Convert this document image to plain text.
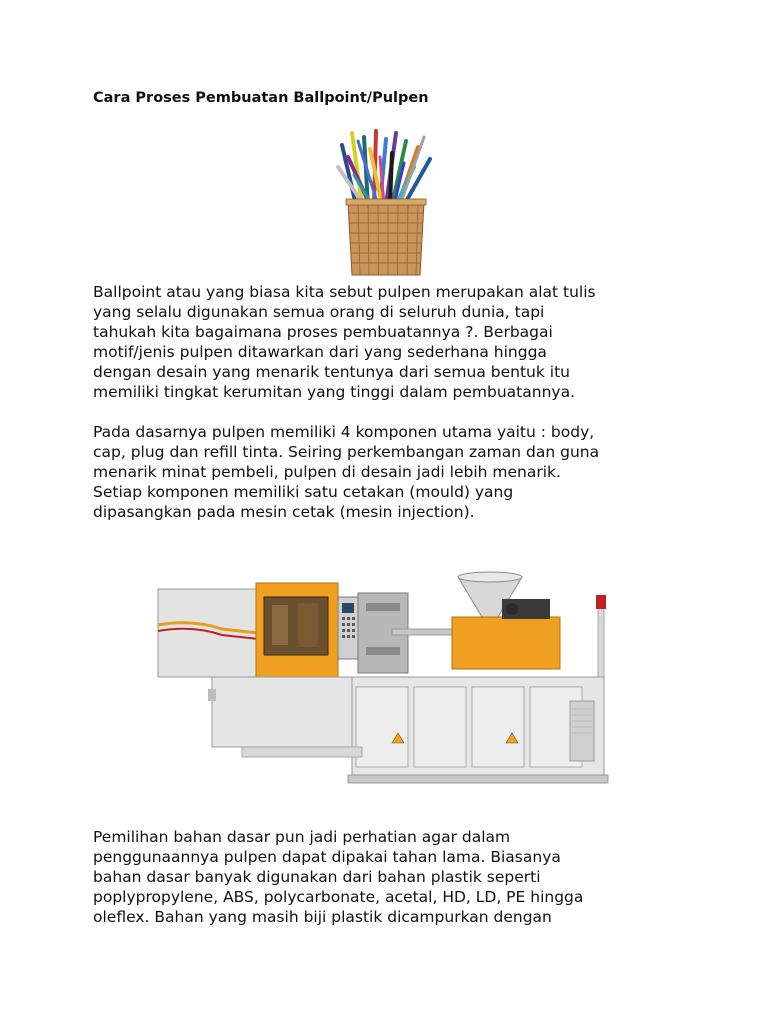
Cara Proses Pembuatan Ballpoint/Pulpen

Ballpoint atau yang biasa kita sebut pulpen merupakan alat tulis
yang selalu digunakan semua orang di seluruh dunia, tapi
tahukah kita bagaimana proses pembuatannya ?. Berbagai
motif/jenis pulpen ditawarkan dari yang sederhana hingga
dengan desain yang menarik tentunya dari semua bentuk itu
memiliki tingkat kerumitan yang tinggi dalam pembuatannya.

Pada dasarnya pulpen memiliki 4 komponen utama yaitu : body,
cap, plug dan refill tinta. Seiring perkembangan zaman dan guna
menarik minat pembeli, pulpen di desain jadi lebih menarik.
Setiap komponen memiliki satu cetakan (mould) yang
dipasangkan pada mesin cetak (mesin injection).

Pemilihan bahan dasar pun jadi perhatian agar dalam
penggunaannya pulpen dapat dipakai tahan lama. Biasanya
bahan dasar banyak digunakan dari bahan plastik seperti
poplypropylene, ABS, polycarbonate, acetal, HD, LD, PE hingga
oleflex. Bahan yang masih biji plastik dicampurkan dengan
